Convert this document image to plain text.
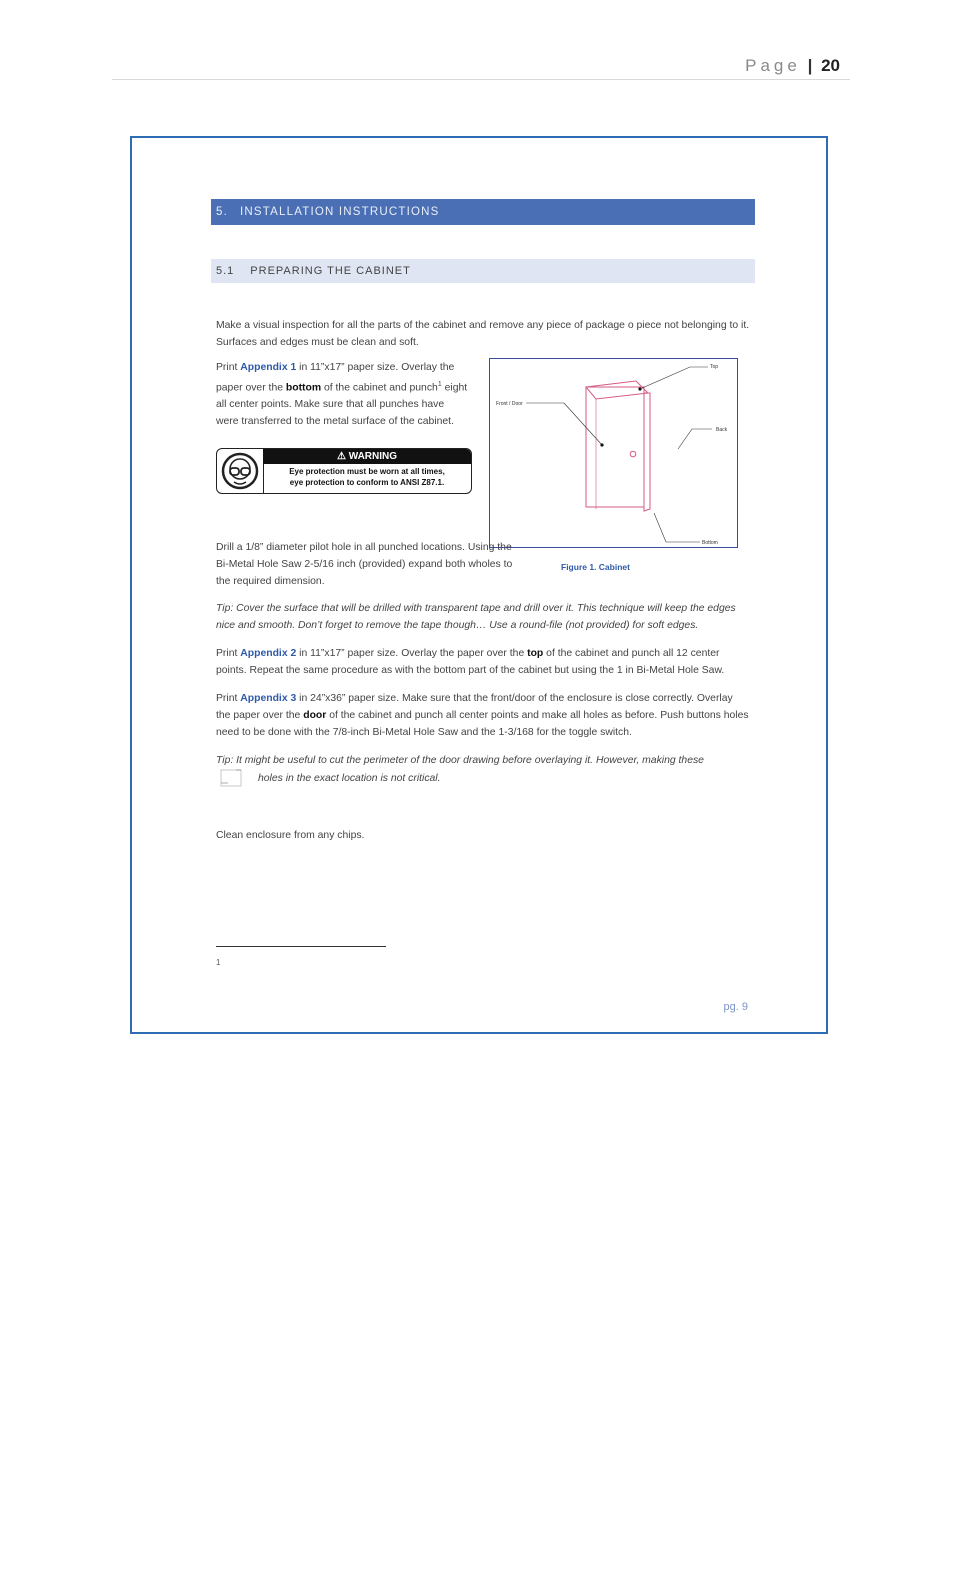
Page | 20
5. INSTALLATION INSTRUCTIONS
5.1 PREPARING THE CABINET

Make a visual inspection for all the parts of the cabinet and remove any piece of package o piece not belonging to it. Surfaces and edges must be clean and soft.

Print Appendix 1 in 11”x17” paper size. Overlay the paper over the bottom of the cabinet and punch$^1$ eight all center points. Make sure that all punches have were transferred to the metal surface of the cabinet.

⚠ WARNING
Eye protection must be worn at all times,
eye protection to conform to ANSI Z87.1.
Top
Front / Door
Back
Bottom
Figure 1. Cabinet

Drill a 1/8” diameter pilot hole in all punched locations. Using the Bi-Metal Hole Saw 2-5/16 inch (provided) expand both wholes to the required dimension.

Tip: Cover the surface that will be drilled with transparent tape and drill over it. This technique will keep the edges nice and smooth. Don’t forget to remove the tape though… Use a round-file (not provided) for soft edges.

Print Appendix 2 in 11”x17” paper size. Overlay the paper over the top of the cabinet and punch all 12 center points. Repeat the same procedure as with the bottom part of the cabinet but using the 1 in Bi-Metal Hole Saw.

Print Appendix 3 in 24”x36” paper size. Make sure that the front/door of the enclosure is close correctly. Overlay the paper over the door of the cabinet and punch all center points and make all holes as before. Push buttons holes need to be done with the 7/8-inch Bi-Metal Hole Saw and the 1-3/168 for the toggle switch.

Tip: It might be useful to cut the perimeter of the door drawing before overlaying it. However, making these
holes in the exact location is not critical.

Clean enclosure from any chips.

1
pg. 9
